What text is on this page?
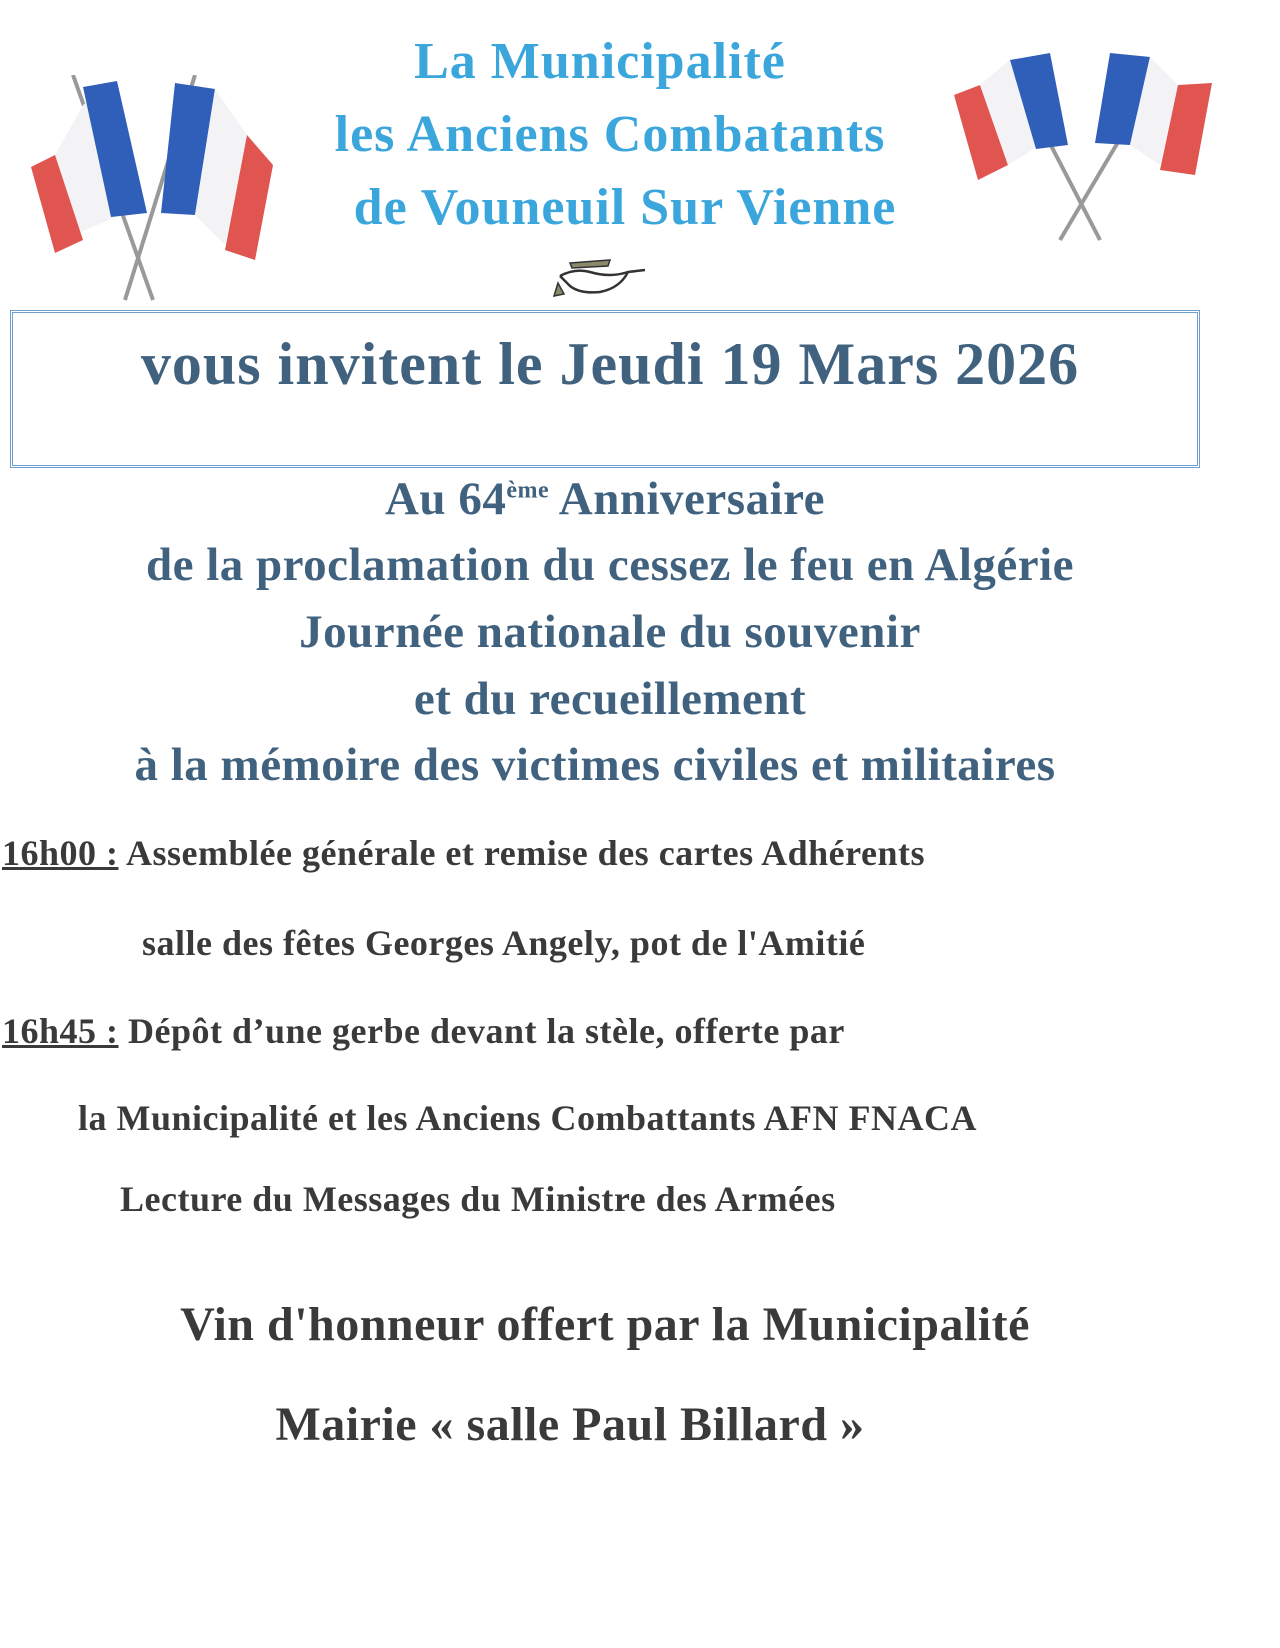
La Municipalité
les Anciens Combatants
de Vouneuil Sur Vienne
vous invitent le Jeudi 19 Mars 2026
Au 64ème Anniversaire
de la proclamation du cessez le feu en Algérie
Journée nationale du souvenir
et du recueillement
à la mémoire des victimes civiles et militaires
16h00 : Assemblée générale et remise des cartes Adhérents
salle des fêtes Georges Angely, pot de l'Amitié
16h45 : Dépôt d’une gerbe devant la stèle, offerte par
la Municipalité et les Anciens Combattants AFN FNACA
Lecture du Messages du Ministre des Armées
Vin d'honneur offert par la Municipalité
Mairie « salle Paul Billard »
